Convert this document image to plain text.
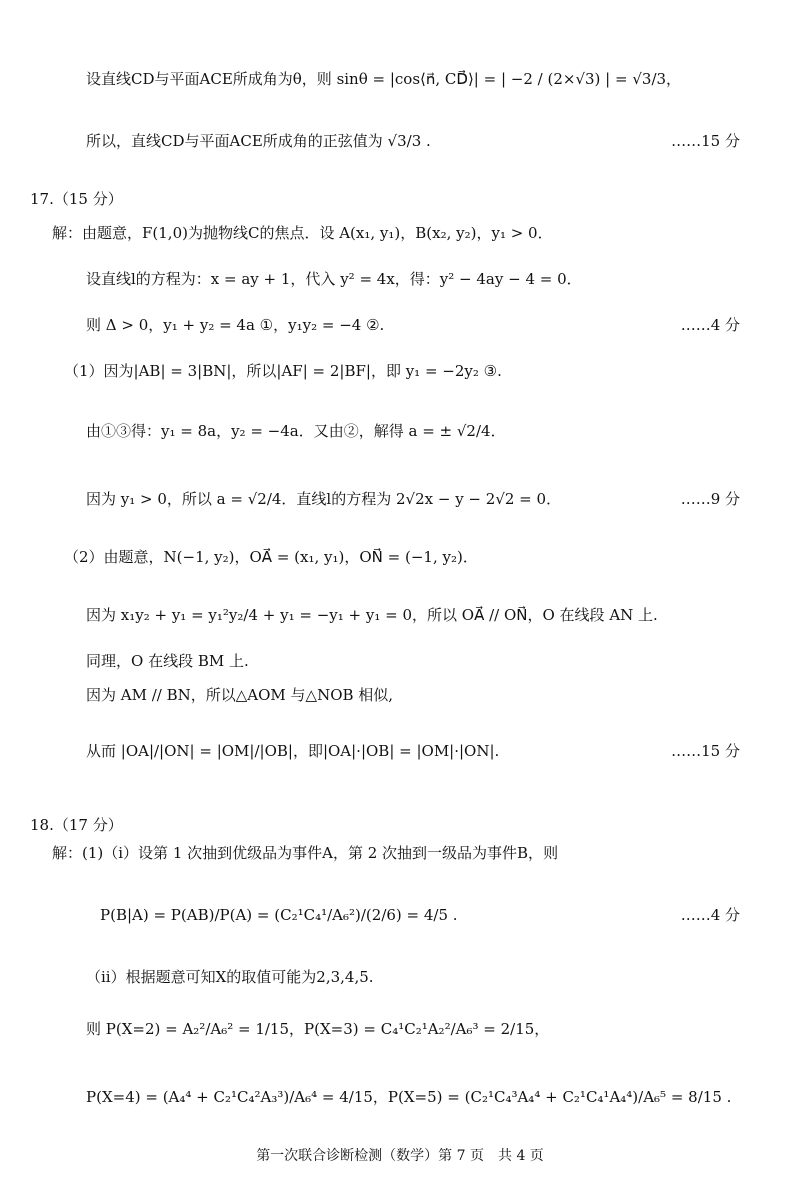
设直线CD与平面ACE所成角为θ，则 sinθ = |cos⟨n⃗, CD⃗⟩| = | −2 / (2×√3) | = √3/3，
所以，直线CD与平面ACE所成角的正弦值为 √3/3 .	……15 分
17.（15 分）
解：由题意，F(1,0)为抛物线C的焦点．设 A(x₁, y₁)，B(x₂, y₂)，y₁ > 0．
设直线l的方程为：x = ay + 1，代入 y² = 4x，得：y² − 4ay − 4 = 0．
则 Δ > 0，y₁ + y₂ = 4a ①，y₁y₂ = −4 ②.	……4 分
（1）因为|AB| = 3|BN|，所以|AF| = 2|BF|，即 y₁ = −2y₂ ③.
由①③得：y₁ = 8a，y₂ = −4a．又由②，解得 a = ± √2/4．
因为 y₁ > 0，所以 a = √2/4．直线l的方程为 2√2x − y − 2√2 = 0．	……9 分
（2）由题意，N(−1, y₂)，OA⃗ = (x₁, y₁)，ON⃗ = (−1, y₂)．
因为 x₁y₂ + y₁ = y₁²y₂/4 + y₁ = −y₁ + y₁ = 0，所以 OA⃗ // ON⃗，O 在线段 AN 上.
同理，O 在线段 BM 上.
因为 AM // BN，所以△AOM 与△NOB 相似,
从而 |OA|/|ON| = |OM|/|OB|，即|OA|·|OB| = |OM|·|ON|.	……15 分
18.（17 分）
解：(1)（i）设第 1 次抽到优级品为事件A，第 2 次抽到一级品为事件B，则
P(B|A) = P(AB)/P(A) = (C₂¹C₄¹/A₆²)/(2/6) = 4/5 .	……4 分
（ii）根据题意可知X的取值可能为2,3,4,5.
则 P(X=2) = A₂²/A₆² = 1/15，P(X=3) = C₄¹C₂¹A₂²/A₆³ = 2/15，
P(X=4) = (A₄⁴ + C₂¹C₄²A₃³)/A₆⁴ = 4/15，P(X=5) = (C₂¹C₄³A₄⁴ + C₂¹C₄¹A₄⁴)/A₆⁵ = 8/15 .
第一次联合诊断检测（数学）第 7 页　共 4 页
